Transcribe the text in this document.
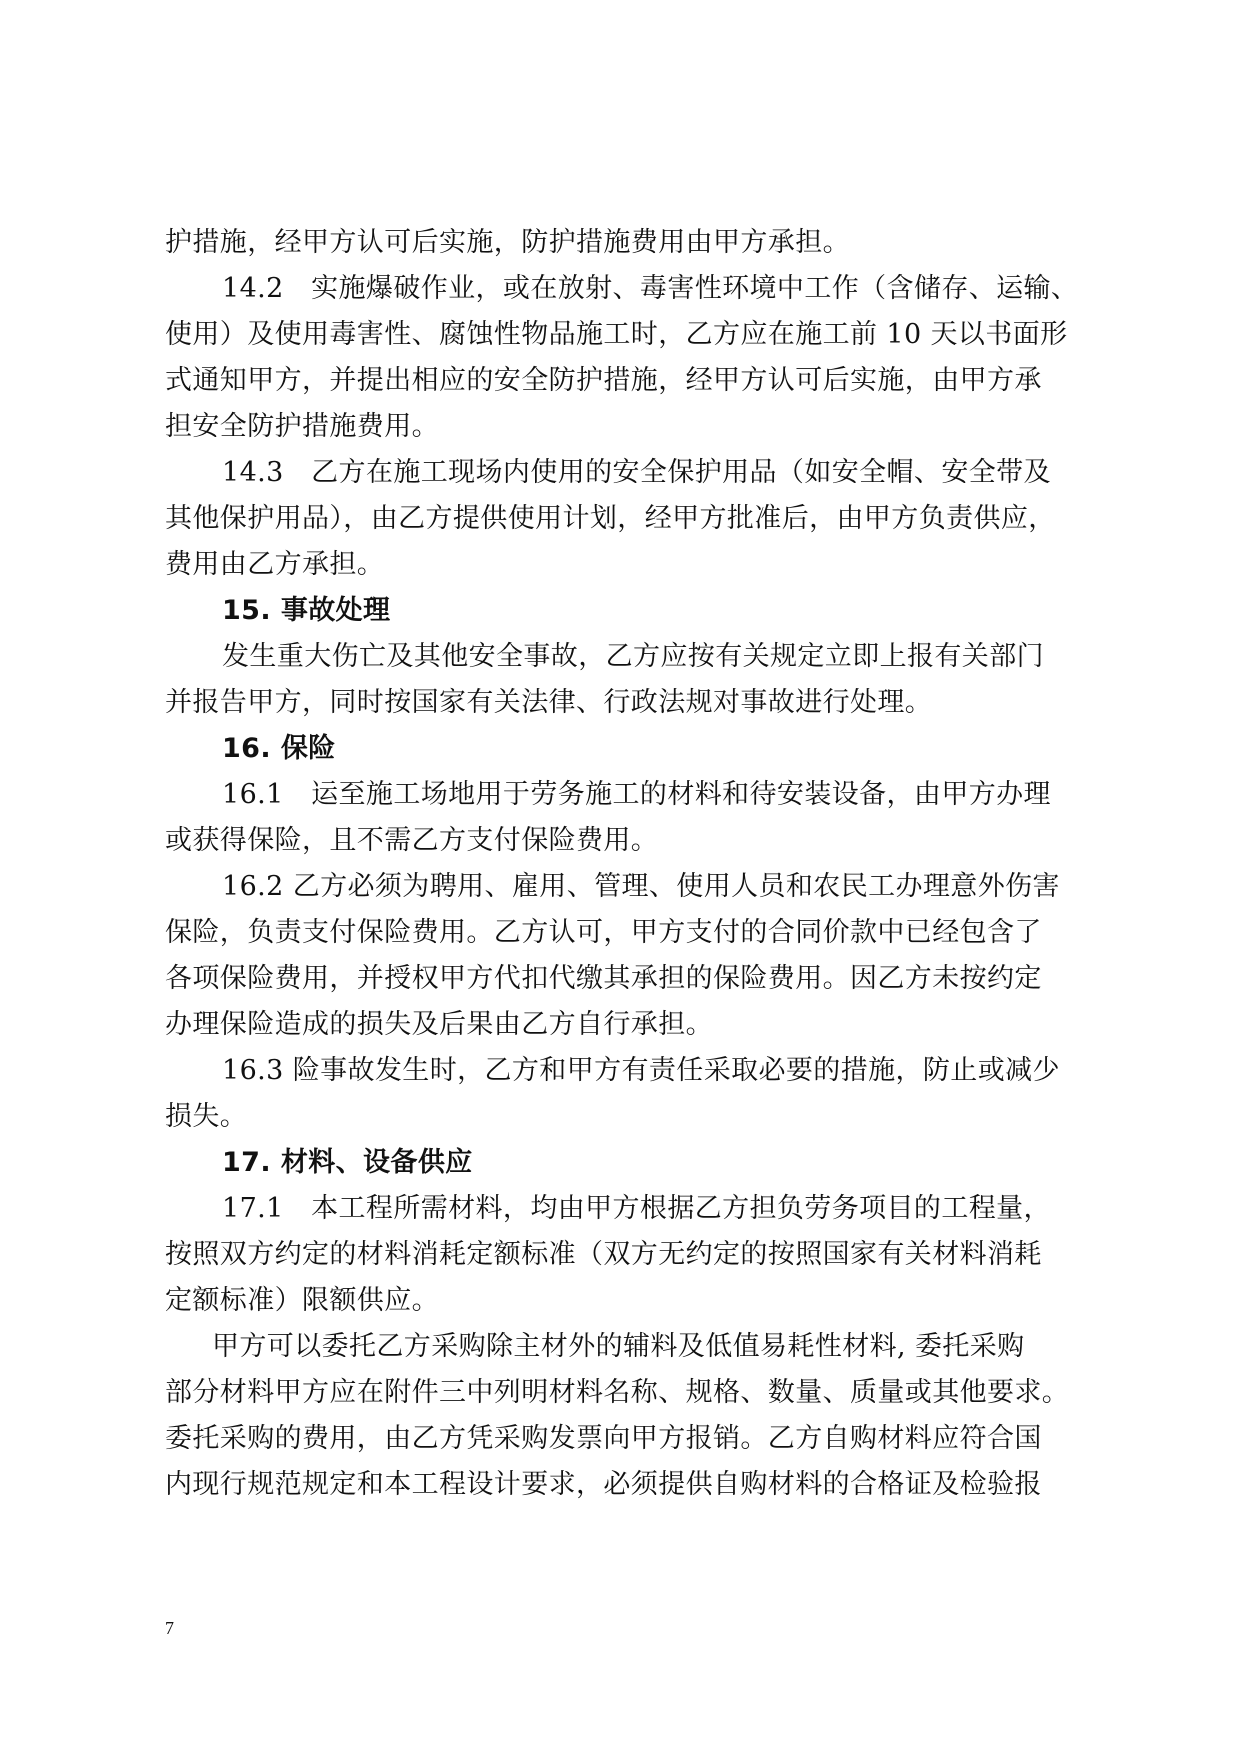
护措施，经甲方认可后实施，防护措施费用由甲方承担。
14.2　实施爆破作业，或在放射、毒害性环境中工作（含储存、运输、
使用）及使用毒害性、腐蚀性物品施工时，乙方应在施工前 10 天以书面形
式通知甲方，并提出相应的安全防护措施，经甲方认可后实施，由甲方承
担安全防护措施费用。
14.3　乙方在施工现场内使用的安全保护用品（如安全帽、安全带及
其他保护用品），由乙方提供使用计划，经甲方批准后，由甲方负责供应，
费用由乙方承担。
15. 事故处理
发生重大伤亡及其他安全事故，乙方应按有关规定立即上报有关部门
并报告甲方，同时按国家有关法律、行政法规对事故进行处理。
16. 保险
16.1　运至施工场地用于劳务施工的材料和待安装设备，由甲方办理
或获得保险，且不需乙方支付保险费用。
16.2 乙方必须为聘用、雇用、管理、使用人员和农民工办理意外伤害
保险，负责支付保险费用。乙方认可，甲方支付的合同价款中已经包含了
各项保险费用，并授权甲方代扣代缴其承担的保险费用。因乙方未按约定
办理保险造成的损失及后果由乙方自行承担。
16.3 险事故发生时，乙方和甲方有责任采取必要的措施，防止或减少
损失。
17. 材料、设备供应
17.1　本工程所需材料，均由甲方根据乙方担负劳务项目的工程量，
按照双方约定的材料消耗定额标准（双方无约定的按照国家有关材料消耗
定额标准）限额供应。
甲方可以委托乙方采购除主材外的辅料及低值易耗性材料, 委托采购
部分材料甲方应在附件三中列明材料名称、规格、数量、质量或其他要求。
委托采购的费用，由乙方凭采购发票向甲方报销。乙方自购材料应符合国
内现行规范规定和本工程设计要求，必须提供自购材料的合格证及检验报
7
